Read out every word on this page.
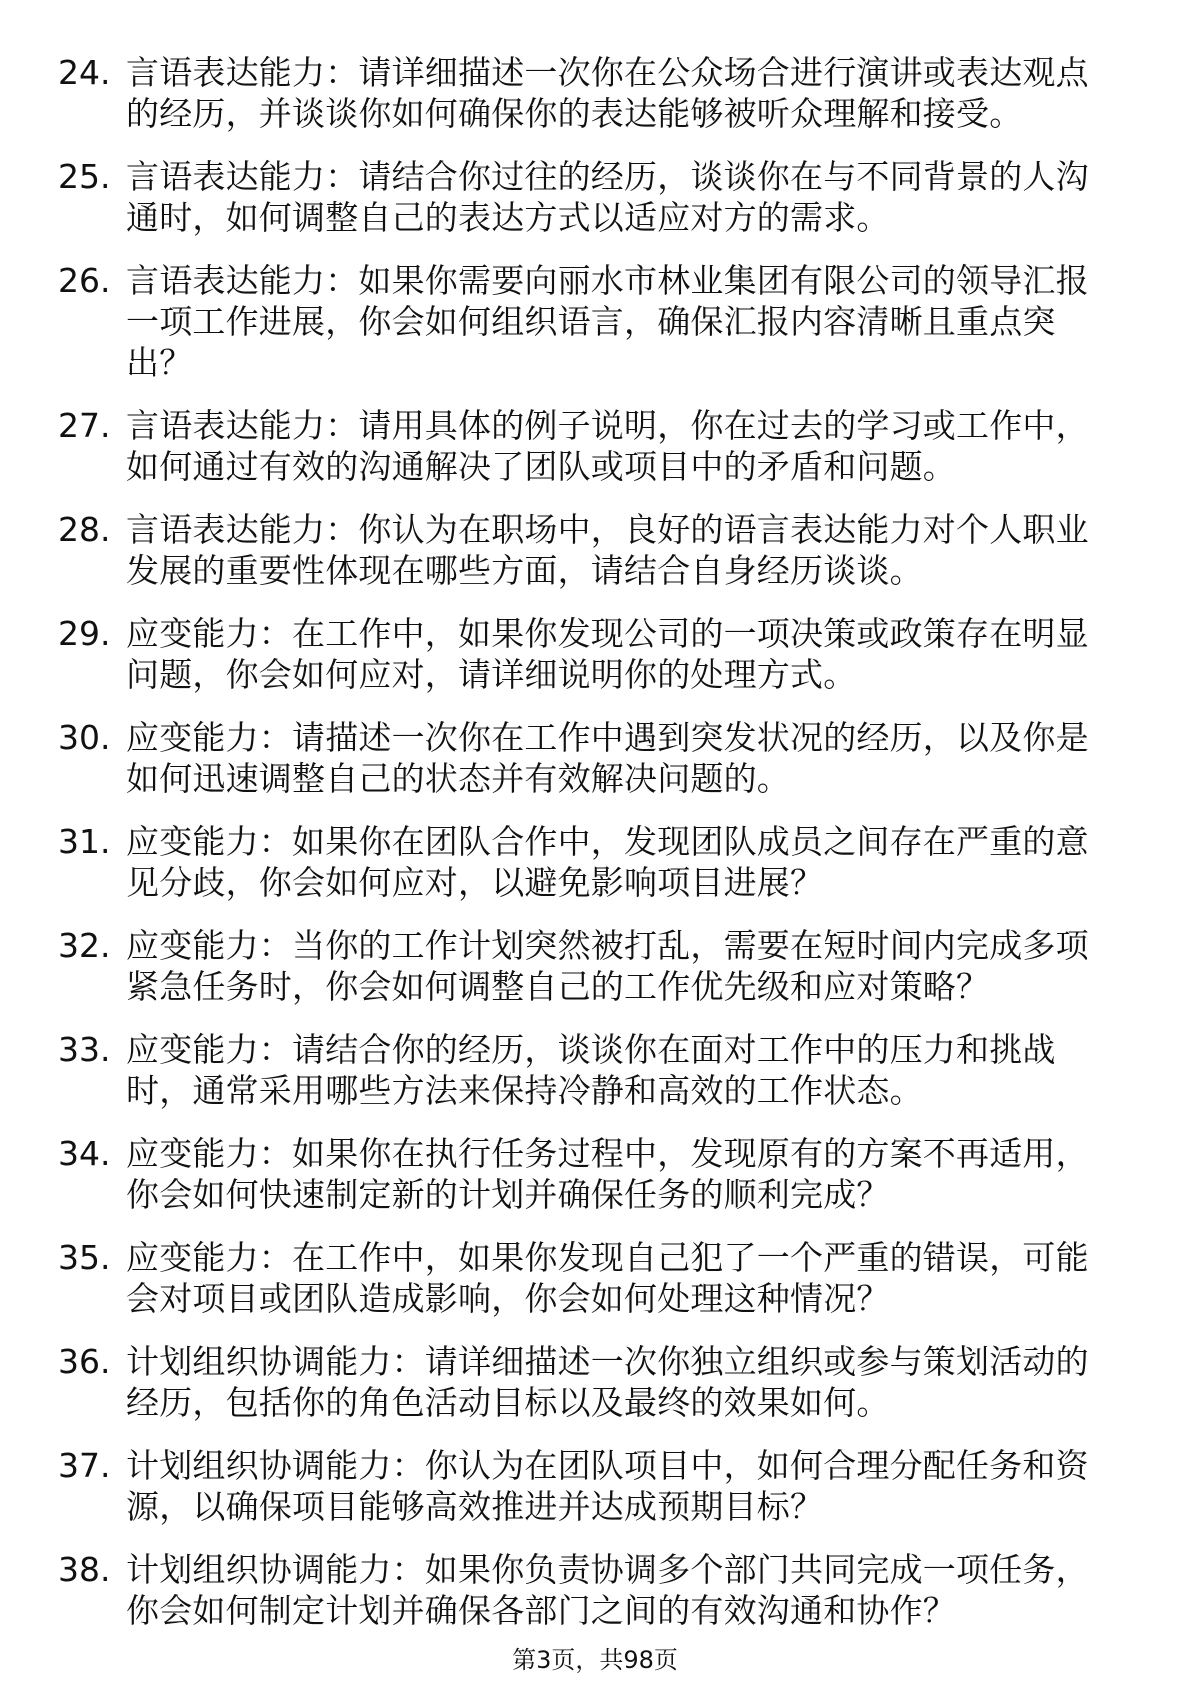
24. 言语表达能力：请详细描述一次你在公众场合进行演讲或表达观点的经历，并谈谈你如何确保你的表达能够被听众理解和接受。
25. 言语表达能力：请结合你过往的经历，谈谈你在与不同背景的人沟通时，如何调整自己的表达方式以适应对方的需求。
26. 言语表达能力：如果你需要向丽水市林业集团有限公司的领导汇报一项工作进展，你会如何组织语言，确保汇报内容清晰且重点突出？
27. 言语表达能力：请用具体的例子说明，你在过去的学习或工作中，如何通过有效的沟通解决了团队或项目中的矛盾和问题。
28. 言语表达能力：你认为在职场中，良好的语言表达能力对个人职业发展的重要性体现在哪些方面，请结合自身经历谈谈。
29. 应变能力：在工作中，如果你发现公司的一项决策或政策存在明显问题，你会如何应对，请详细说明你的处理方式。
30. 应变能力：请描述一次你在工作中遇到突发状况的经历，以及你是如何迅速调整自己的状态并有效解决问题的。
31. 应变能力：如果你在团队合作中，发现团队成员之间存在严重的意见分歧，你会如何应对，以避免影响项目进展？
32. 应变能力：当你的工作计划突然被打乱，需要在短时间内完成多项紧急任务时，你会如何调整自己的工作优先级和应对策略？
33. 应变能力：请结合你的经历，谈谈你在面对工作中的压力和挑战时，通常采用哪些方法来保持冷静和高效的工作状态。
34. 应变能力：如果你在执行任务过程中，发现原有的方案不再适用，你会如何快速制定新的计划并确保任务的顺利完成？
35. 应变能力：在工作中，如果你发现自己犯了一个严重的错误，可能会对项目或团队造成影响，你会如何处理这种情况？
36. 计划组织协调能力：请详细描述一次你独立组织或参与策划活动的经历，包括你的角色活动目标以及最终的效果如何。
37. 计划组织协调能力：你认为在团队项目中，如何合理分配任务和资源，以确保项目能够高效推进并达成预期目标？
38. 计划组织协调能力：如果你负责协调多个部门共同完成一项任务，你会如何制定计划并确保各部门之间的有效沟通和协作？
第3页，共98页
